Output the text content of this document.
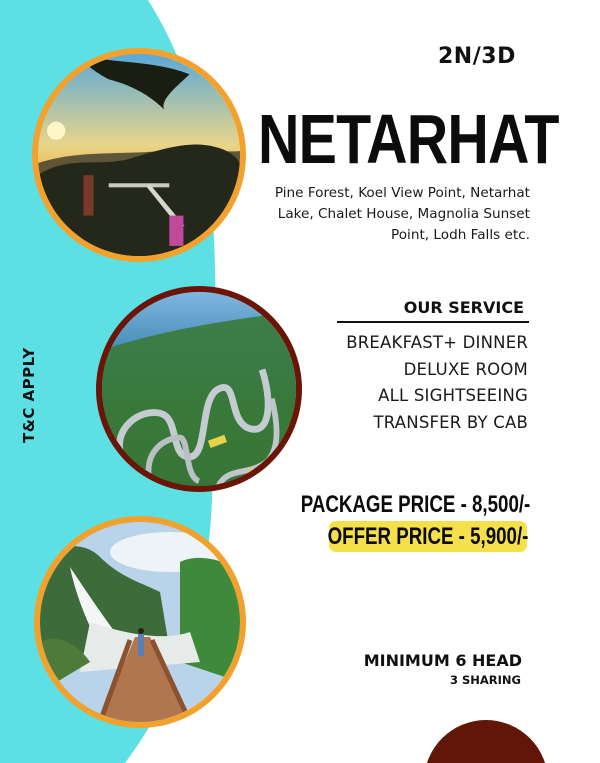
2N/3D
NETARHAT
Pine Forest, Koel View Point, Netarhat Lake, Chalet House, Magnolia Sunset Point, Lodh Falls etc.
OUR SERVICE
BREAKFAST+ DINNER
DELUXE ROOM
ALL SIGHTSEEING
TRANSFER BY CAB
PACKAGE PRICE - 8,500/-
OFFER PRICE - 5,900/-
T&C APPLY
MINIMUM 6 HEAD
3 SHARING
